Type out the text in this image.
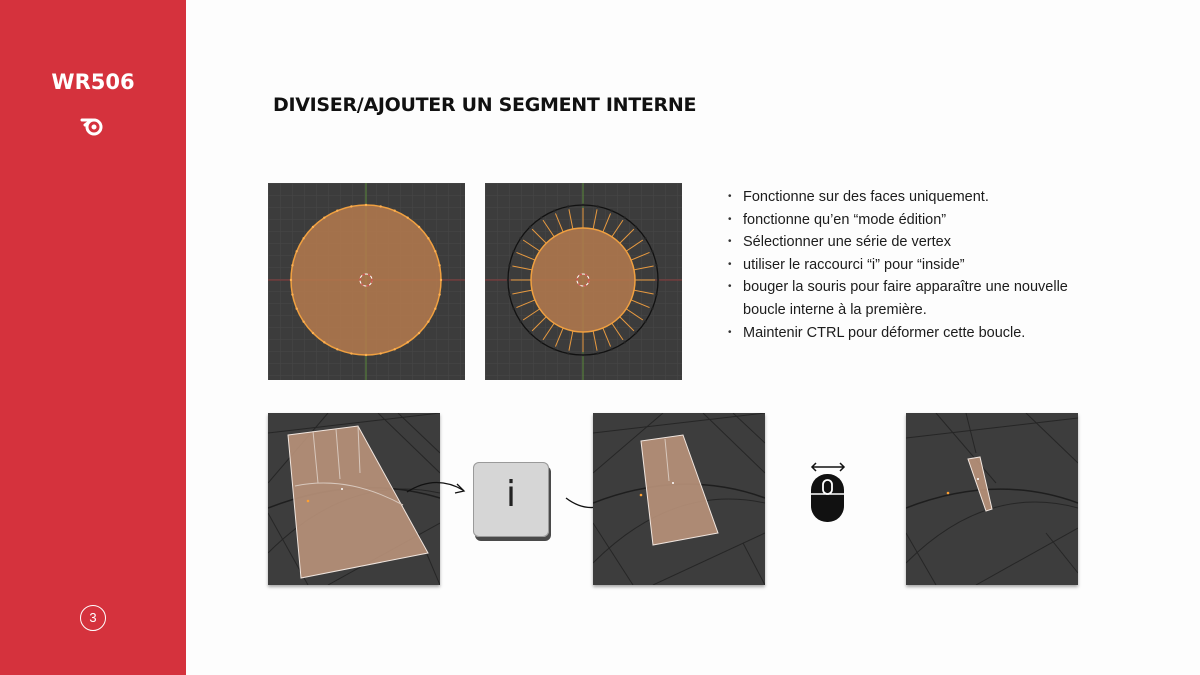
WR506
3
DIVISER/AJOUTER UN SEGMENT INTERNE
• Fonctionne sur des faces uniquement.
• fonctionne qu’en “mode édition”
• Sélectionner une série de vertex
• utiliser le raccourci “i” pour “inside”
• bouger la souris pour faire apparaître une nouvelle boucle interne à la première.
• Maintenir CTRL pour déformer cette boucle.
i
